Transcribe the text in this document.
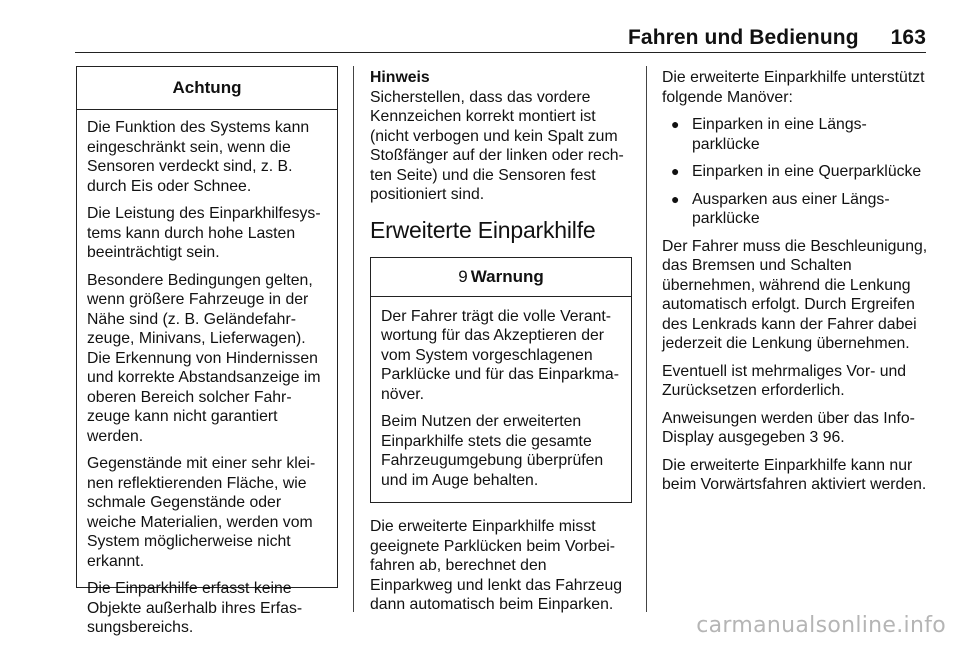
Fahren und Bedienung 163
Achtung

Die Funktion des Systems kann eingeschränkt sein, wenn die Sensoren verdeckt sind, z. B. durch Eis oder Schnee.

Die Leistung des Einparkhilfesystems kann durch hohe Lasten beeinträchtigt sein.

Besondere Bedingungen gelten, wenn größere Fahrzeuge in der Nähe sind (z. B. Geländefahrzeuge, Minivans, Lieferwagen). Die Erkennung von Hindernissen und korrekte Abstandsanzeige im oberen Bereich solcher Fahrzeuge kann nicht garantiert werden.

Gegenstände mit einer sehr kleinen reflektierenden Fläche, wie schmale Gegenstände oder weiche Materialien, werden vom System möglicherweise nicht erkannt.

Die Einparkhilfe erfasst keine Objekte außerhalb ihres Erfassungsbereichs.

Hinweis

Sicherstellen, dass das vordere Kennzeichen korrekt montiert ist (nicht verbogen und kein Spalt zum Stoßfänger auf der linken oder rechten Seite) und die Sensoren fest positioniert sind.

Erweiterte Einparkhilfe
9 Warnung

Der Fahrer trägt die volle Verantwortung für das Akzeptieren der vom System vorgeschlagenen Parklücke und für das Einparkmanöver.

Beim Nutzen der erweiterten Einparkhilfe stets die gesamte Fahrzeugumgebung überprüfen und im Auge behalten.

Die erweiterte Einparkhilfe misst geeignete Parklücken beim Vorbeifahren ab, berechnet den Einparkweg und lenkt das Fahrzeug dann automatisch beim Einparken.

Die erweiterte Einparkhilfe unterstützt folgende Manöver:

● Einparken in eine Längsparklücke
● Einparken in eine Querparklücke
● Ausparken aus einer Längsparklücke

Der Fahrer muss die Beschleunigung, das Bremsen und Schalten übernehmen, während die Lenkung automatisch erfolgt. Durch Ergreifen des Lenkrads kann der Fahrer dabei jederzeit die Lenkung übernehmen.

Eventuell ist mehrmaliges Vor- und Zurücksetzen erforderlich.

Anweisungen werden über das Info-Display ausgegeben 3 96.

Die erweiterte Einparkhilfe kann nur beim Vorwärtsfahren aktiviert werden.

carmanualsonline.info
